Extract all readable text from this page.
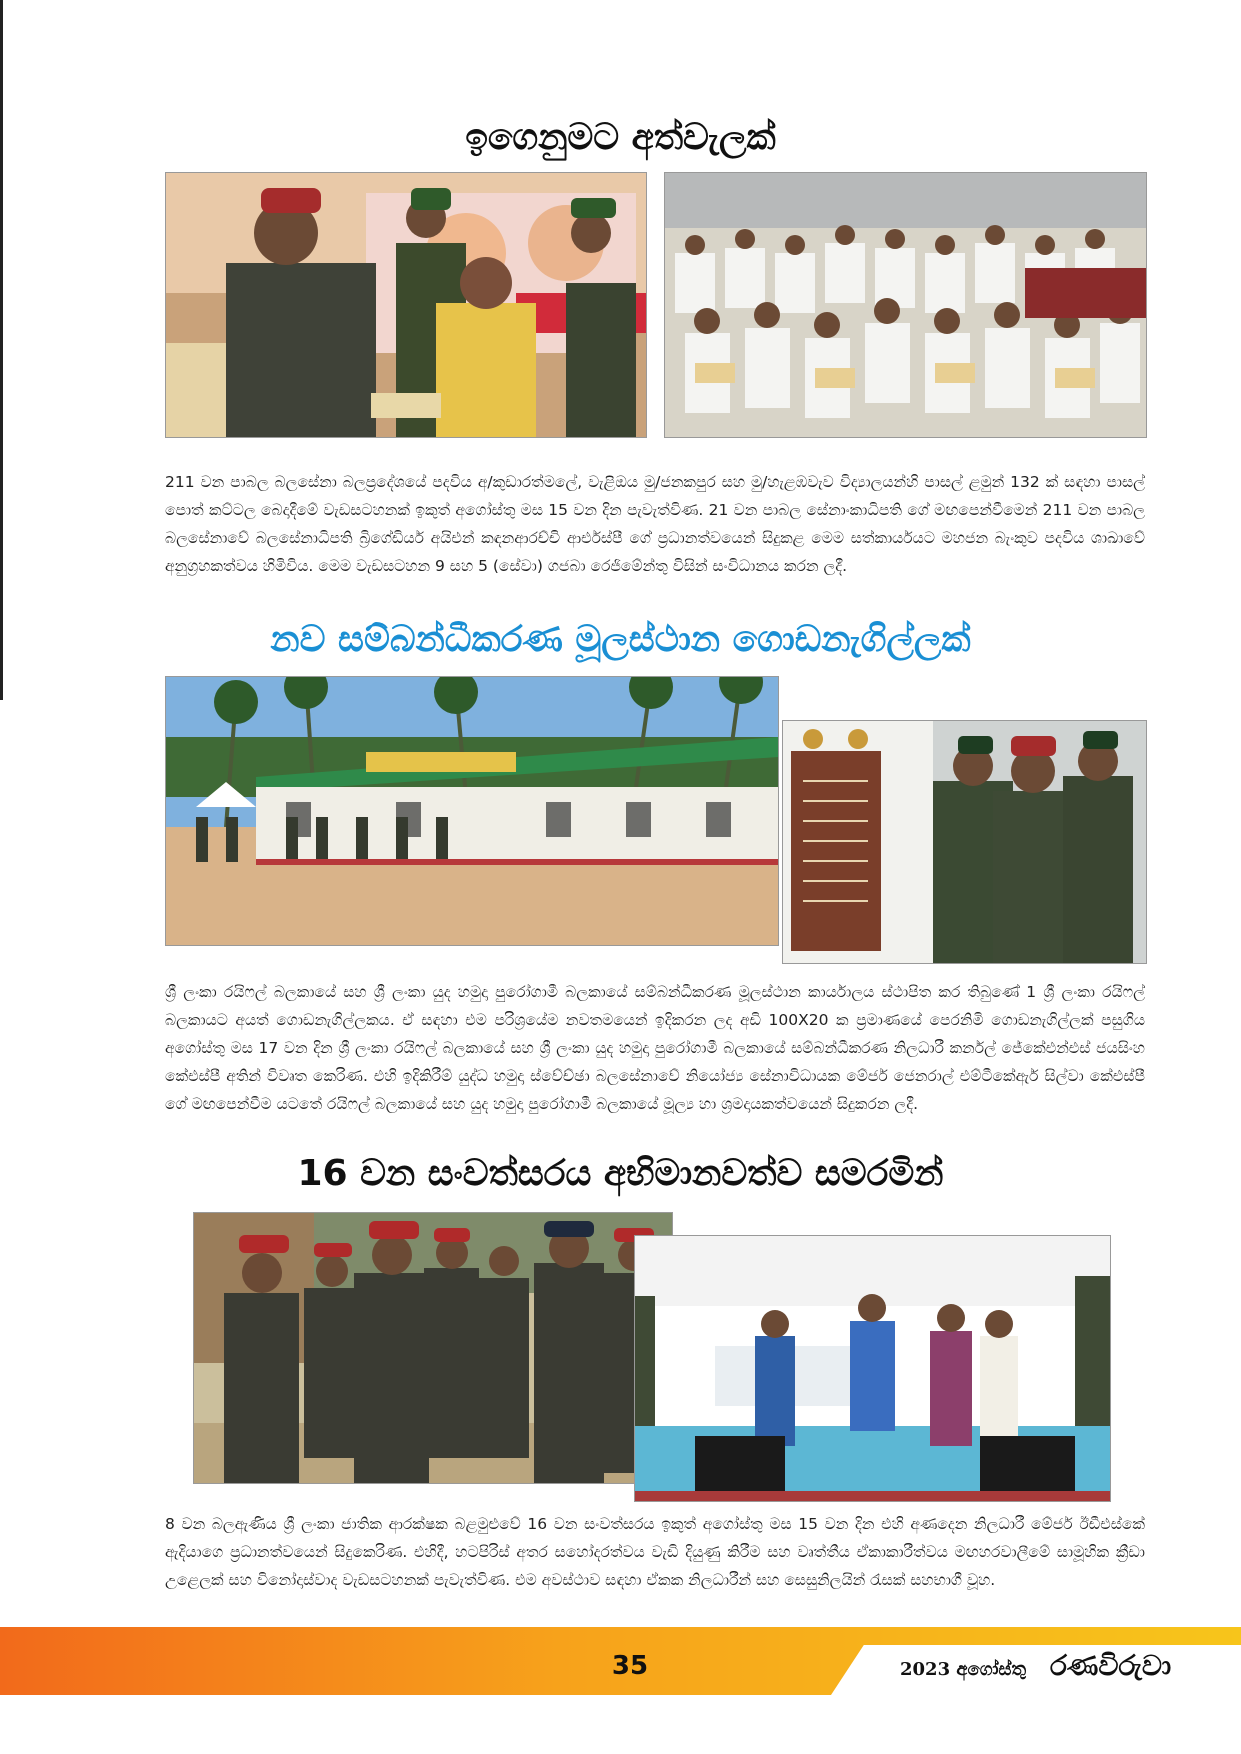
ඉගෙනුමට අත්වැලක්
211 වන පාබල බලසේනා බලප්‍රදේශයේ පදවිය අ/කුඩාරත්මලේ, වැළිඔය මු/ජනකපුර සහ මු/හැළඹවැව විද්‍යාලයන්හි පාසල් ළමුන් 132 ක් සඳහා පාසල් පොත් කට්ටල බෙදාදීමේ වැඩසටහනක් ඉකුත් අගෝස්තු මස 15 වන දින පැවැත්විණ. 21 වන පාබල සේනාංකාධිපති ගේ මඟපෙන්වීමෙන් 211 වන පාබල බලසේනාවේ බලසේනාධිපති බ්‍රිගේඩියර් අයිඑන් කඳනආරච්චි ආර්එස්පී ගේ ප්‍රධානත්වයෙන් සිදුකළ මෙම සත්කාර්යයට මහජන බැංකුව පදවිය ශාඛාවේ අනුග්‍රහකත්වය හිමිවිය. මෙම වැඩසටහන 9 සහ 5 (සේවා) ගජබා රෙජිමේන්තු විසින් සංවිධානය කරන ලදී.
නව සම්බන්ධීකරණ මූලස්ථාන ගොඩනැගිල්ලක්
ශ්‍රී ලංකා රයිෆල් බලකායේ සහ ශ්‍රී ලංකා යුද හමුදා පුරෝගාමී බලකායේ සම්බන්ධීකරණ මූලස්ථාන කාර්යාලය ස්ථාපිත කර තිබුණේ 1 ශ්‍රී ලංකා රයිෆල් බලකායට අයත් ගොඩනැගිල්ලකය. ඒ සඳහා එම පරිශ්‍රයේම නවතමයෙන් ඉදිකරන ලද අඩි 100X20 ක ප්‍රමාණයේ පෙරනිමි ගොඩනැගිල්ලක් පසුගිය අගෝස්තු මස 17 වන දින ශ්‍රී ලංකා රයිෆල් බලකායේ සහ ශ්‍රී ලංකා යුද හමුදා පුරෝගාමී බලකායේ සම්බන්ධීකරණ නිලධාරී කර්නල් ජේකේඑන්එස් ජයසිංහ කේඑස්පී අතින් විවෘත කෙරිණ. එහි ඉදිකිරීම් යුද්ධ හමුදා ස්වේච්ඡා බලසේනාවේ නියෝජ්‍ය සේනාවිධායක මේජර් ජෙනරාල් එම්ටීකේඇර් සිල්වා කේඑස්පී ගේ මඟපෙන්වීම යටතේ රයිෆල් බලකායේ සහ යුද හමුදා පුරෝගාමී බලකායේ මූල්‍ය හා ශ්‍රමදායකත්වයෙන් සිදුකරන ලදී.
16 වන සංවත්සරය අභිමානවත්ව සමරමින්
8 වන බලඇණිය ශ්‍රී ලංකා ජාතික ආරක්ෂක බළමුළුවේ 16 වන සංවත්සරය ඉකුත් අගෝස්තු මස 15 වන දින එහි අණදෙන නිලධාරී මේජර් ඊඩීඑස්කේ ඇදියාගෙ ප්‍රධානත්වයෙන් සිදුකෙරිණ. එහිදී, හටපිරිස් අතර සහෝදරත්වය වැඩි දියුණු කිරීම සහ වෘත්තීය ඒකාකාරීත්වය මඟහරවාලීමේ සාමූහික ක්‍රීඩා උළෙලක් සහ විනෝදාස්වාද වැඩසටහනක් පැවැත්විණ. එම අවස්ථාව සඳහා ඒකක නිලධාරීන් සහ සෙසුනිලයින් රැසක් සහභාගී වූහ.
35	2023 අගෝස්තු රණවිරුවා
